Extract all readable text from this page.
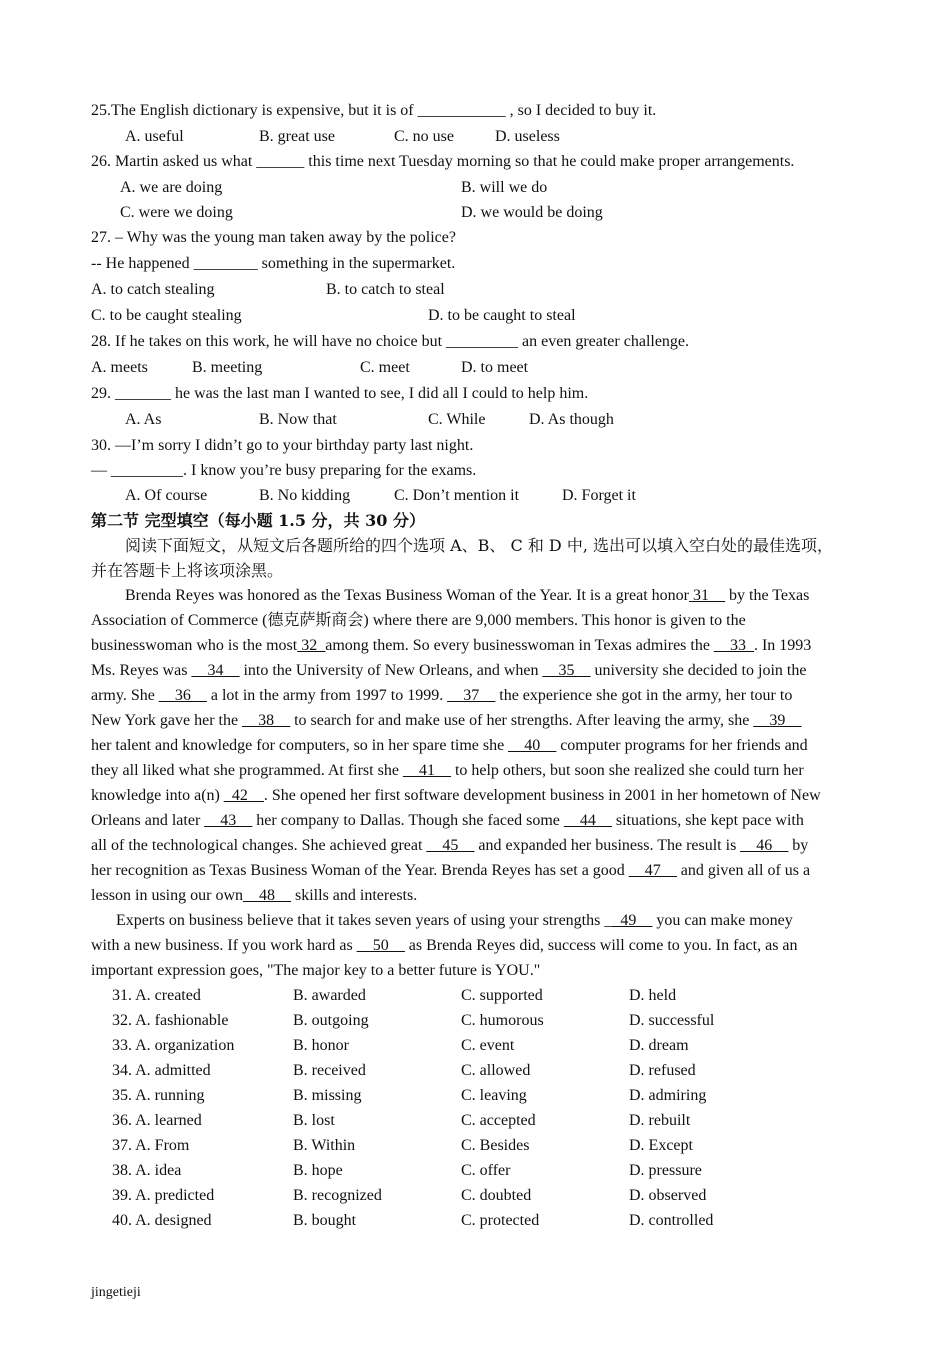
25.The English dictionary is expensive, but it is of ___________ , so I decided to buy it.
A. useful	B. great use	C. no use	D. useless
26. Martin asked us what ______ this time next Tuesday morning so that he could make proper arrangements.
A. we are doing	B. will we do
C. were we doing	D. we would be doing
27. – Why was the young man taken away by the police?
-- He happened ________ something in the supermarket.
A. to catch stealing	B. to catch to steal
C. to be caught stealing	D. to be caught to steal
28. If he takes on this work, he will have no choice but _________ an even greater challenge.
A. meets	B. meeting	C. meet	D. to meet
29. _______ he was the last man I wanted to see, I did all I could to help him.
A. As	B. Now that	C. While	D. As though
30. —I’m sorry I didn’t go to your birthday party last night.
— _________. I know you’re busy preparing for the exams.
A. Of course	B. No kidding	C. Don’t mention it	D. Forget it
第二节 完型填空（每小题 1.5 分，共 30 分）
阅读下面短文，从短文后各题所给的四个选项 A、B、 C 和 D 中, 选出可以填入空白处的最佳选项，
并在答题卡上将该项涂黑。
Brenda Reyes was honored as the Texas Business Woman of the Year. It is a great honor 31__ by the Texas
Association of Commerce (德克萨斯商会) where there are 9,000 members. This honor is given to the
businesswoman who is the most 32_among them. So every businesswoman in Texas admires the __33_. In 1993
Ms. Reyes was __34__ into the University of New Orleans, and when __35__ university she decided to join the
army. She __36__ a lot in the army from 1997 to 1999. __37__ the experience she got in the army, her tour to
New York gave her the __38__ to search for and make use of her strengths. After leaving the army, she __39__
her talent and knowledge for computers, so in her spare time she __40__ computer programs for her friends and
they all liked what she programmed. At first she __41__ to help others, but soon she realized she could turn her
knowledge into a(n) _42__. She opened her first software development business in 2001 in her hometown of New
Orleans and later __43__ her company to Dallas. Though she faced some __44__ situations, she kept pace with
all of the technological changes. She achieved great __45__ and expanded her business. The result is __46__ by
her recognition as Texas Business Woman of the Year. Brenda Reyes has set a good __47__ and given all of us a
lesson in using our own__48__ skills and interests.
Experts on business believe that it takes seven years of using your strengths __49__ you can make money
with a new business. If you work hard as __50__ as Brenda Reyes did, success will come to you. In fact, as an
important expression goes, "The major key to a better future is YOU."
31. A. created	B. awarded	C. supported	D. held
32. A. fashionable	B. outgoing	C. humorous	D. successful
33. A. organization	B. honor	C. event	D. dream
34. A. admitted	B. received	C. allowed	D. refused
35. A. running	B. missing	C. leaving	D. admiring
36. A. learned	B. lost	C. accepted	D. rebuilt
37. A. From	B. Within	C. Besides	D. Except
38. A. idea	B. hope	C. offer	D. pressure
39. A. predicted	B. recognized	C. doubted	D. observed
40. A. designed	B. bought	C. protected	D. controlled
jingetieji
